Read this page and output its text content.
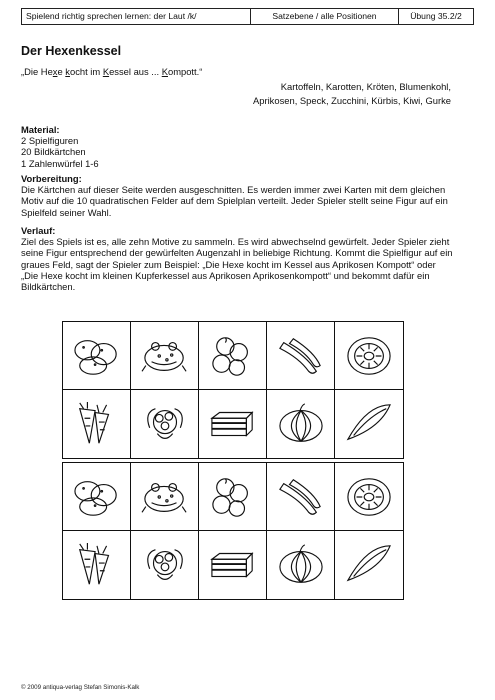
Spielend richtig sprechen lernen: der Laut /k/	Satzebene / alle Positionen	Übung 35.2/2
Der Hexenkessel
„Die Hexe kocht im Kessel aus ... Kompott.“
Kartoffeln, Karotten, Kröten, Blumenkohl,
Aprikosen, Speck, Zucchini, Kürbis, Kiwi, Gurke
Material:

2 Spielfiguren

20 Bildkärtchen

1 Zahlenwürfel 1-6

Vorbereitung:

Die Kärtchen auf dieser Seite werden ausgeschnitten. Es werden immer zwei Karten mit dem gleichen Motiv auf die 10 quadratischen Felder auf dem Spielplan verteilt. Jeder Spieler stellt seine Figur auf ein Spielfeld seiner Wahl.

Verlauf:

Ziel des Spiels ist es, alle zehn Motive zu sammeln. Es wird abwechselnd gewürfelt. Jeder Spieler zieht seine Figur entsprechend der gewürfelten Augenzahl in beliebige Richtung. Kommt die Spielfigur auf ein graues Feld, sagt der Spieler zum Beispiel: „Die Hexe kocht im Kessel aus Aprikosen Kompott“ oder „Die Hexe kocht im kleinen Kupferkessel aus Aprikosen Aprikosenkompott“ und bekommt dafür ein Bildkärtchen.

© 2009 antiqua-verlag Stefan Simonis-Kalk
